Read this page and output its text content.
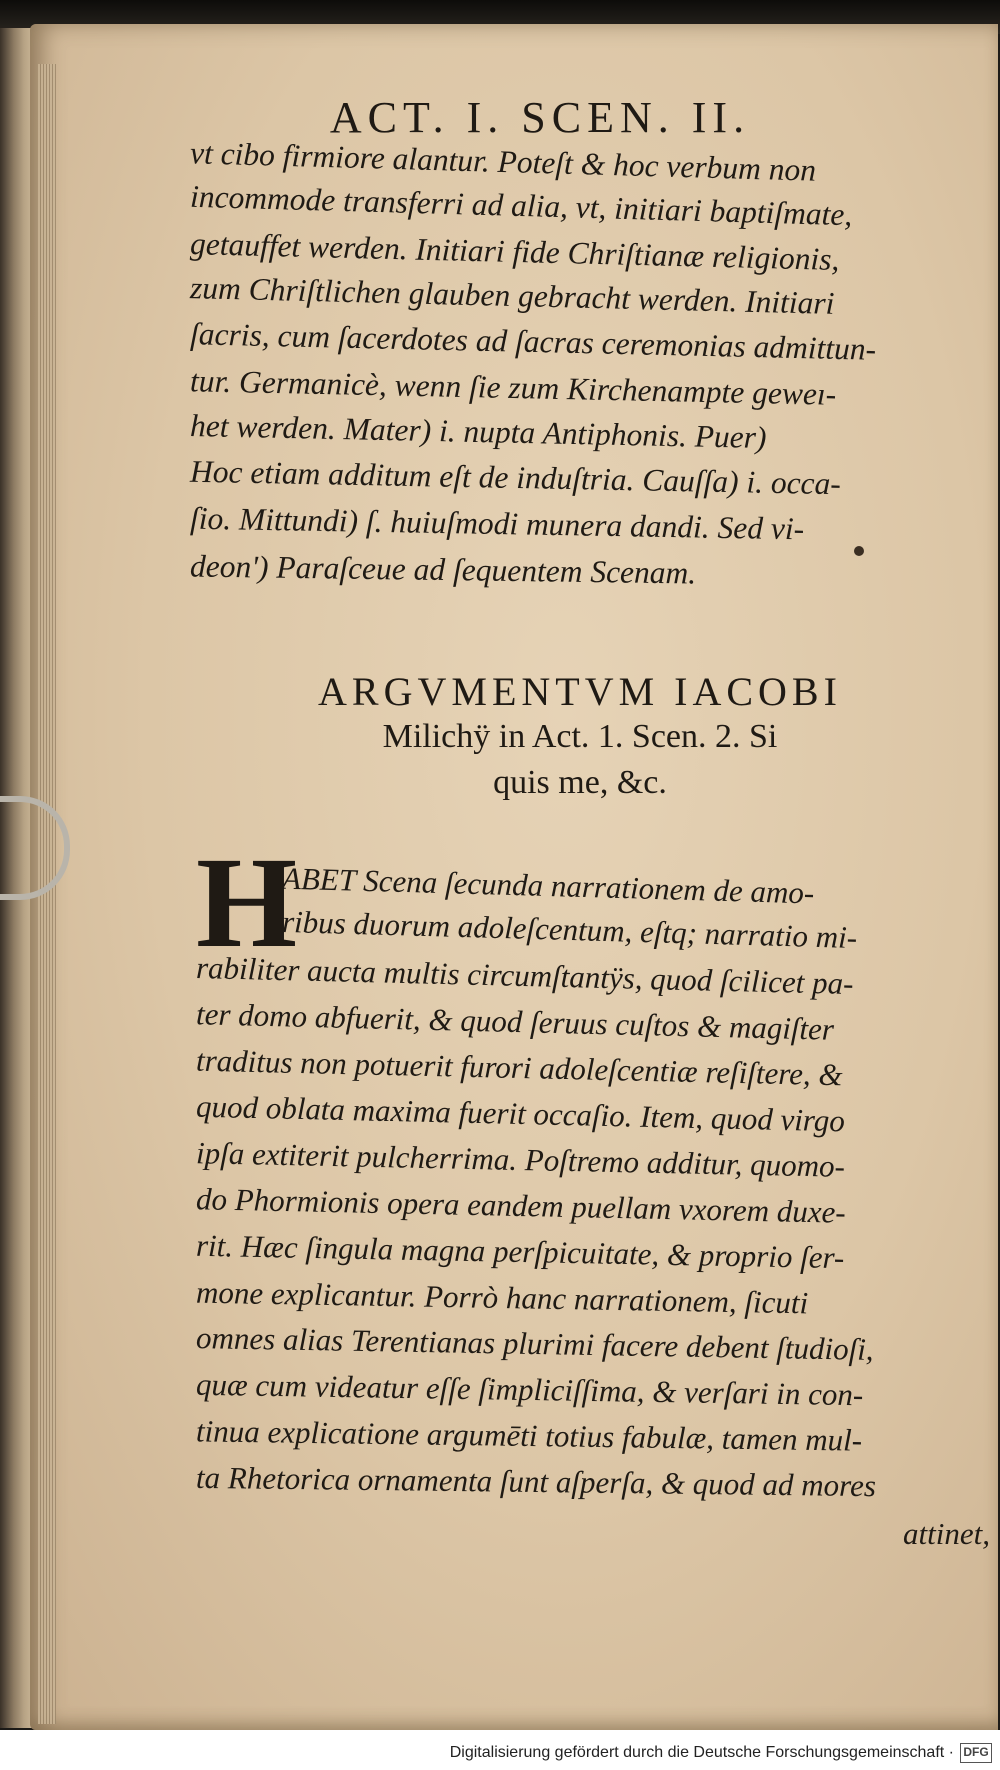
ACT. I. SCEN. II.
vt cibo firmiore alantur. Poteſt & hoc verbum non
incommode transferri ad alia, vt, initiari baptiſmate,
getauffet werden. Initiari fide Chriſtianæ religionis,
zum Chriſtlichen glauben gebracht werden. Initiari
ſacris, cum ſacerdotes ad ſacras ceremonias admittun-
tur. Germanicè, wenn ſie zum Kirchenampte geweı-
het werden. Mater) i. nupta Antiphonis. Puer)
Hoc etiam additum eſt de induſtria. Cauſſa) i. occa-
ſio. Mittundi) ſ. huiuſmodi munera dandi. Sed vi-
deon') Paraſceue ad ſequentem Scenam.
ARGVMENTVM IACOBI
Milichÿ in Act. 1. Scen. 2. Si
quis me, &c.
H
ABET Scena ſecunda narrationem de amo-
ribus duorum adoleſcentum, eſtq; narratio mi-
rabiliter aucta multis circumſtantÿs, quod ſcilicet pa-
ter domo abfuerit, & quod ſeruus cuſtos & magiſter
traditus non potuerit furori adoleſcentiæ reſiſtere, &
quod oblata maxima fuerit occaſio. Item, quod virgo
ipſa extiterit pulcherrima. Poſtremo additur, quomo-
do Phormionis opera eandem puellam vxorem duxe-
rit. Hæc ſingula magna perſpicuitate, & proprio ſer-
mone explicantur. Porrò hanc narrationem, ſicuti
omnes alias Terentianas plurimi facere debent ſtudioſi,
quæ cum videatur eſſe ſimpliciſſima, & verſari in con-
tinua explicatione argumēti totius fabulæ, tamen mul-
ta Rhetorica ornamenta ſunt aſperſa, & quod ad mores
attinet,
Digitalisierung gefördert durch die Deutsche Forschungsgemeinschaft · DFG
